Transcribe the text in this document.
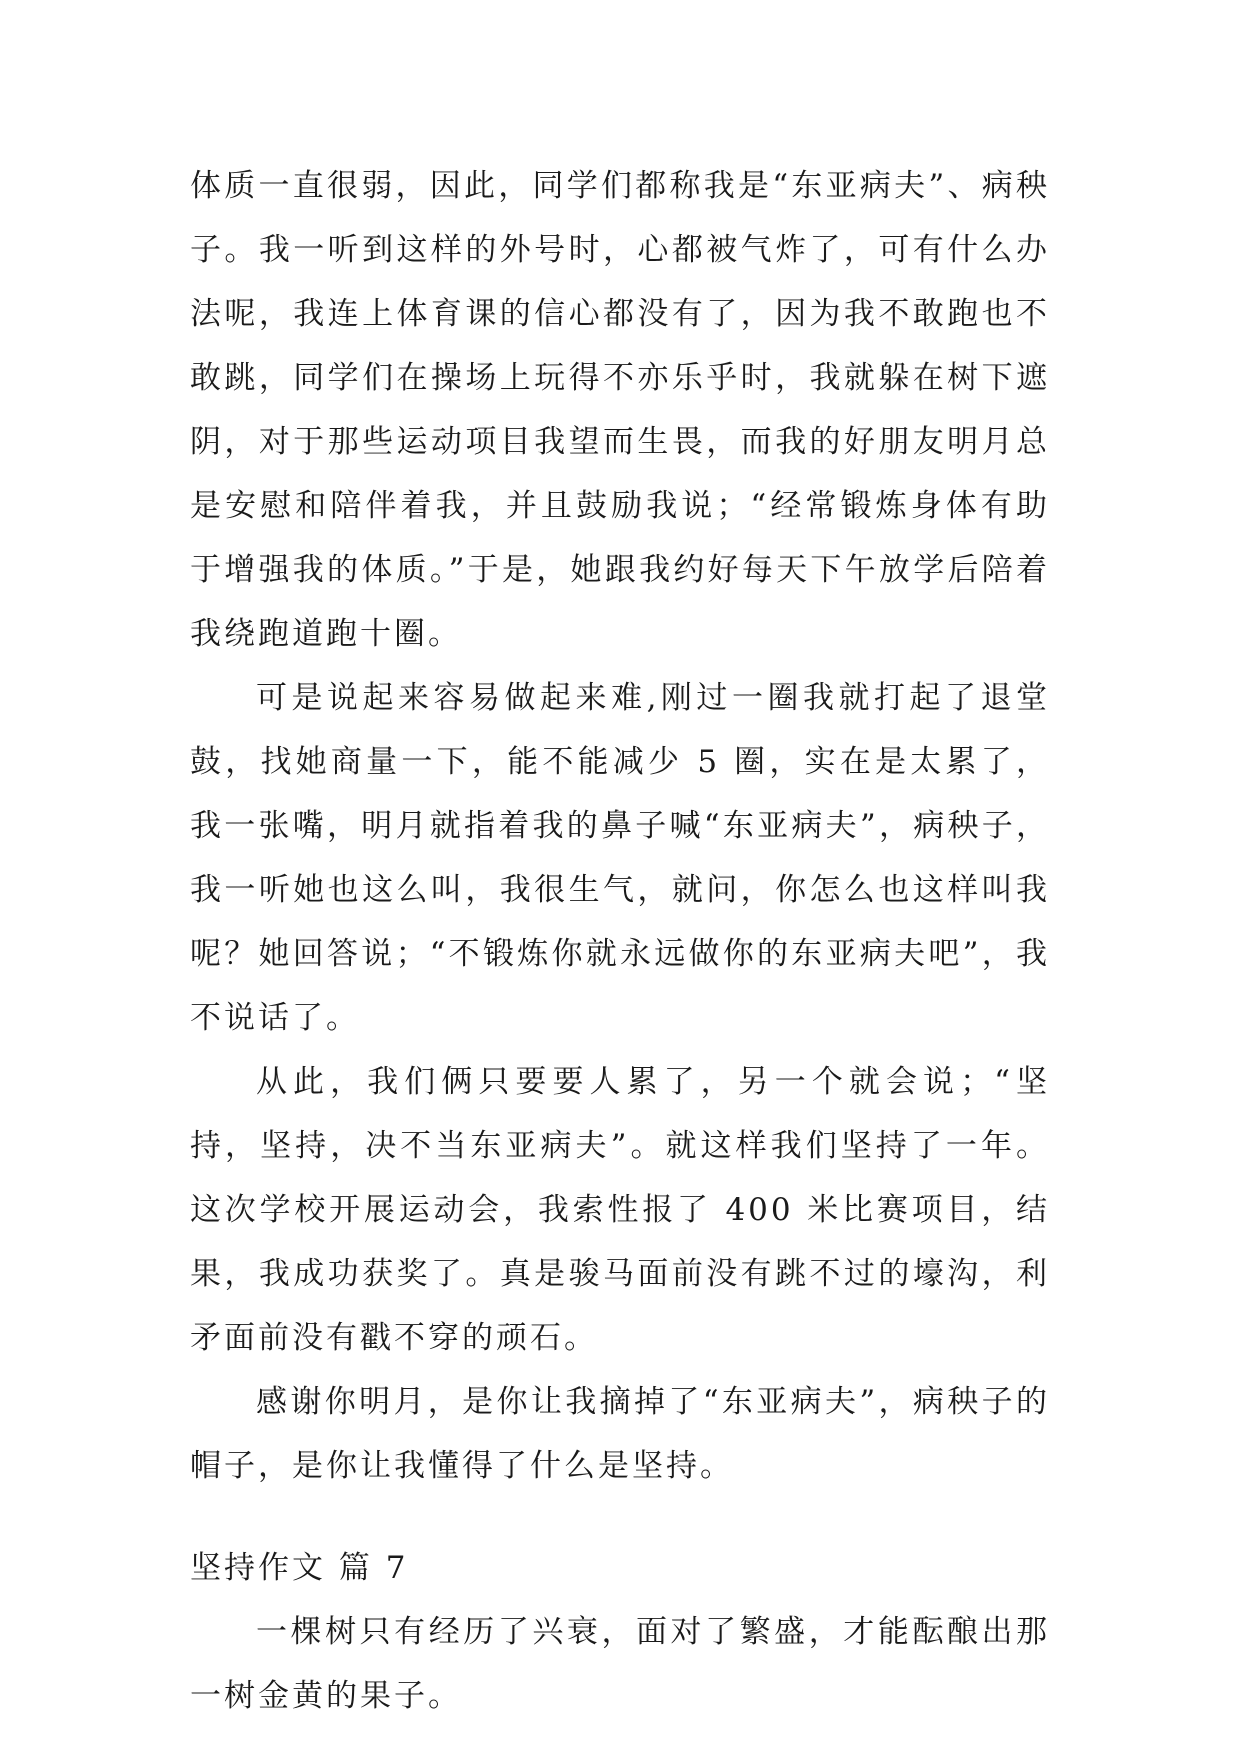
体质一直很弱，因此，同学们都称我是“东亚病夫”、病秧子。我一听到这样的外号时，心都被气炸了，可有什么办法呢，我连上体育课的信心都没有了，因为我不敢跑也不敢跳，同学们在操场上玩得不亦乐乎时，我就躲在树下遮阴，对于那些运动项目我望而生畏，而我的好朋友明月总是安慰和陪伴着我，并且鼓励我说；“经常锻炼身体有助于增强我的体质。”于是，她跟我约好每天下午放学后陪着我绕跑道跑十圈。

可是说起来容易做起来难,刚过一圈我就打起了退堂鼓，找她商量一下，能不能减少 5 圈，实在是太累了，我一张嘴，明月就指着我的鼻子喊“东亚病夫”，病秧子，我一听她也这么叫，我很生气，就问，你怎么也这样叫我呢？她回答说；“不锻炼你就永远做你的东亚病夫吧”，我不说话了。

从此，我们俩只要要人累了，另一个就会说；“坚持，坚持，决不当东亚病夫”。就这样我们坚持了一年。这次学校开展运动会，我索性报了 400 米比赛项目，结果，我成功获奖了。真是骏马面前没有跳不过的壕沟，利矛面前没有戳不穿的顽石。

感谢你明月，是你让我摘掉了“东亚病夫”，病秧子的帽子，是你让我懂得了什么是坚持。

坚持作文 篇 7

一棵树只有经历了兴衰，面对了繁盛，才能酝酿出那一树金黄的果子。
